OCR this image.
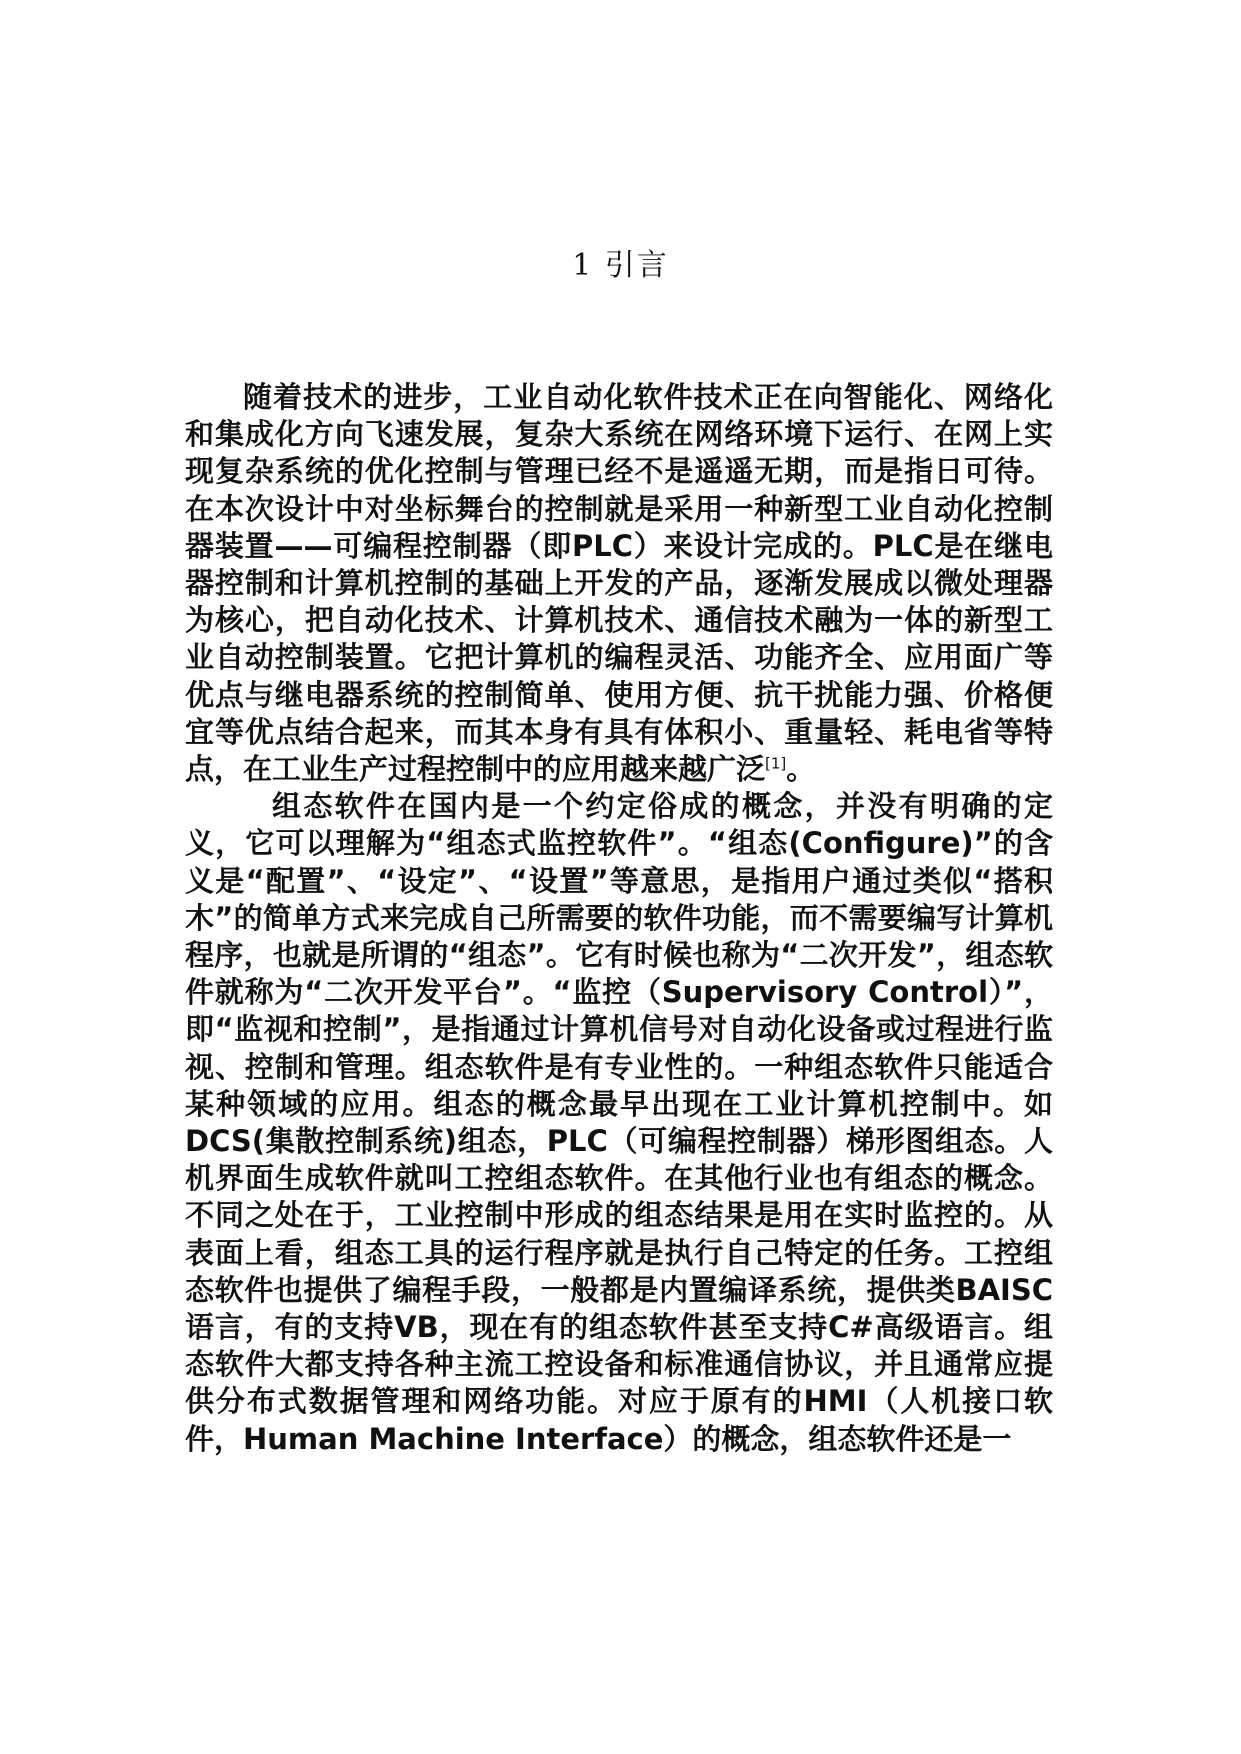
1 引言

随着技术的进步，工业自动化软件技术正在向智能化、网络化和集成化方向飞速发展，复杂大系统在网络环境下运行、在网上实现复杂系统的优化控制与管理已经不是遥遥无期，而是指日可待。在本次设计中对坐标舞台的控制就是采用一种新型工业自动化控制器装置——可编程控制器（即PLC）来设计完成的。PLC是在继电器控制和计算机控制的基础上开发的产品，逐渐发展成以微处理器为核心，把自动化技术、计算机技术、通信技术融为一体的新型工业自动控制装置。它把计算机的编程灵活、功能齐全、应用面广等优点与继电器系统的控制简单、使用方便、抗干扰能力强、价格便宜等优点结合起来，而其本身有具有体积小、重量轻、耗电省等特点，在工业生产过程控制中的应用越来越广泛[1]。

组态软件在国内是一个约定俗成的概念，并没有明确的定义，它可以理解为“组态式监控软件”。“组态(Configure)”的含义是“配置”、“设定”、“设置”等意思，是指用户通过类似“搭积木”的简单方式来完成自己所需要的软件功能，而不需要编写计算机程序，也就是所谓的“组态”。它有时候也称为“二次开发”，组态软件就称为“二次开发平台”。“监控（Supervisory Control）”，即“监视和控制”，是指通过计算机信号对自动化设备或过程进行监视、控制和管理。组态软件是有专业性的。一种组态软件只能适合某种领域的应用。组态的概念最早出现在工业计算机控制中。如DCS(集散控制系统)组态，PLC（可编程控制器）梯形图组态。人机界面生成软件就叫工控组态软件。在其他行业也有组态的概念。不同之处在于，工业控制中形成的组态结果是用在实时监控的。从表面上看，组态工具的运行程序就是执行自己特定的任务。工控组态软件也提供了编程手段，一般都是内置编译系统，提供类BAISC语言，有的支持VB，现在有的组态软件甚至支持C#高级语言。组态软件大都支持各种主流工控设备和标准通信协议，并且通常应提供分布式数据管理和网络功能。对应于原有的HMI（人机接口软件，Human Machine Interface）的概念，组态软件还是一
